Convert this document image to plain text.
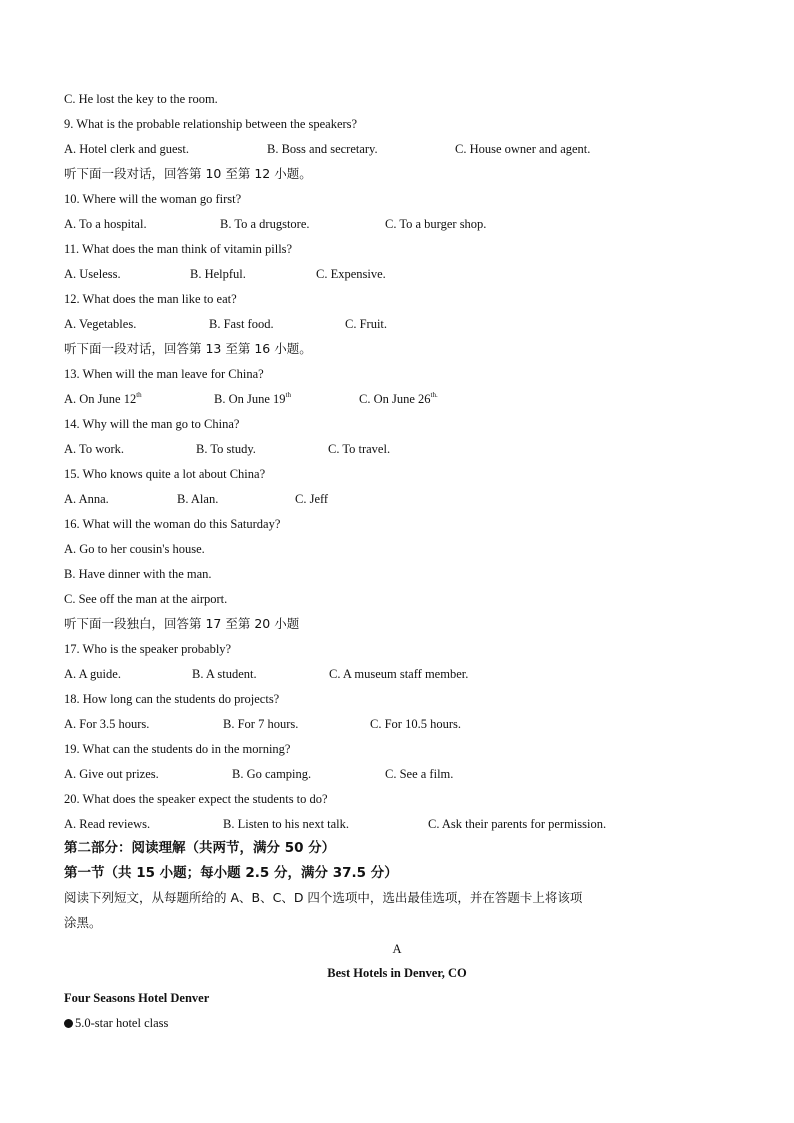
C. He lost the key to the room.
9. What is the probable relationship between the speakers?
A. Hotel clerk and guest.	B. Boss and secretary.	C. House owner and agent.
听下面一段对话，回答第 10 至第 12 小题。
10. Where will the woman go first?
A. To a hospital.	B. To a drugstore.	C. To a burger shop.
11. What does the man think of vitamin pills?
A. Useless.	B. Helpful.	C. Expensive.
12. What does the man like to eat?
A. Vegetables.	B. Fast food.	C. Fruit.
听下面一段对话，回答第 13 至第 16 小题。
13. When will the man leave for China?
A. On June 12th	B. On June 19th	C. On June $26^{th.}$
14. Why will the man go to China?
A. To work.	B. To study.	C. To travel.
15. Who knows quite a lot about China?
A. Anna.	B. Alan.	C. Jeff
16. What will the woman do this Saturday?
A. Go to her cousin's house.
B. Have dinner with the man.
C. See off the man at the airport.
听下面一段独白，回答第 17 至第 20 小题
17. Who is the speaker probably?
A. A guide.	B. A student.	C. A museum staff member.
18. How long can the students do projects?
A. For 3.5 hours.	B. For 7 hours.	C. For 10.5 hours.
19. What can the students do in the morning?
A. Give out prizes.	B. Go camping.	C. See a film.
20. What does the speaker expect the students to do?
A. Read reviews.	B. Listen to his next talk.	C. Ask their parents for permission.
第二部分：阅读理解（共两节，满分 50 分）
第一节（共 15 小题；每小题 2.5 分，满分 37.5 分）
阅读下列短文，从每题所给的 A、B、C、D 四个选项中，选出最佳选项，并在答题卡上将该项
涂黑。
A
Best Hotels in Denver, CO
Four Seasons Hotel Denver
5.0-star hotel class
